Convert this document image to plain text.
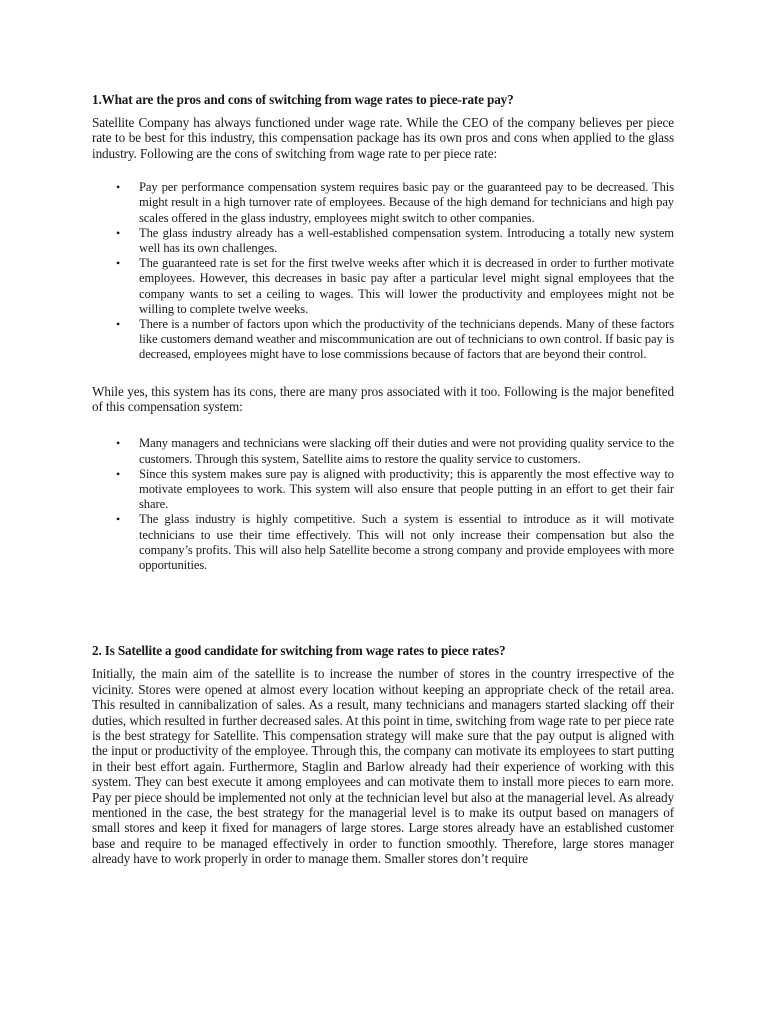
1.What are the pros and cons of switching from wage rates to piece-rate pay?

Satellite Company has always functioned under wage rate. While the CEO of the company believes per piece rate to be best for this industry, this compensation package has its own pros and cons when applied to the glass industry. Following are the cons of switching from wage rate to per piece rate:

• Pay per performance compensation system requires basic pay or the guaranteed pay to be decreased. This might result in a high turnover rate of employees. Because of the high demand for technicians and high pay scales offered in the glass industry, employees might switch to other companies.
• The glass industry already has a well-established compensation system. Introducing a totally new system well has its own challenges.
• The guaranteed rate is set for the first twelve weeks after which it is decreased in order to further motivate employees. However, this decreases in basic pay after a particular level might signal employees that the company wants to set a ceiling to wages. This will lower the productivity and employees might not be willing to complete twelve weeks.
• There is a number of factors upon which the productivity of the technicians depends. Many of these factors like customers demand weather and miscommunication are out of technicians to own control. If basic pay is decreased, employees might have to lose commissions because of factors that are beyond their control.

While yes, this system has its cons, there are many pros associated with it too. Following is the major benefited of this compensation system:

• Many managers and technicians were slacking off their duties and were not providing quality service to the customers. Through this system, Satellite aims to restore the quality service to customers.
• Since this system makes sure pay is aligned with productivity; this is apparently the most effective way to motivate employees to work. This system will also ensure that people putting in an effort to get their fair share.
• The glass industry is highly competitive. Such a system is essential to introduce as it will motivate technicians to use their time effectively. This will not only increase their compensation but also the company’s profits. This will also help Satellite become a strong company and provide employees with more opportunities.

2. Is Satellite a good candidate for switching from wage rates to piece rates?

Initially, the main aim of the satellite is to increase the number of stores in the country irrespective of the vicinity. Stores were opened at almost every location without keeping an appropriate check of the retail area. This resulted in cannibalization of sales. As a result, many technicians and managers started slacking off their duties, which resulted in further decreased sales. At this point in time, switching from wage rate to per piece rate is the best strategy for Satellite. This compensation strategy will make sure that the pay output is aligned with the input or productivity of the employee. Through this, the company can motivate its employees to start putting in their best effort again. Furthermore, Staglin and Barlow already had their experience of working with this system. They can best execute it among employees and can motivate them to install more pieces to earn more. Pay per piece should be implemented not only at the technician level but also at the managerial level. As already mentioned in the case, the best strategy for the managerial level is to make its output based on managers of small stores and keep it fixed for managers of large stores. Large stores already have an established customer base and require to be managed effectively in order to function smoothly. Therefore, large stores manager already have to work properly in order to manage them. Smaller stores don’t require
